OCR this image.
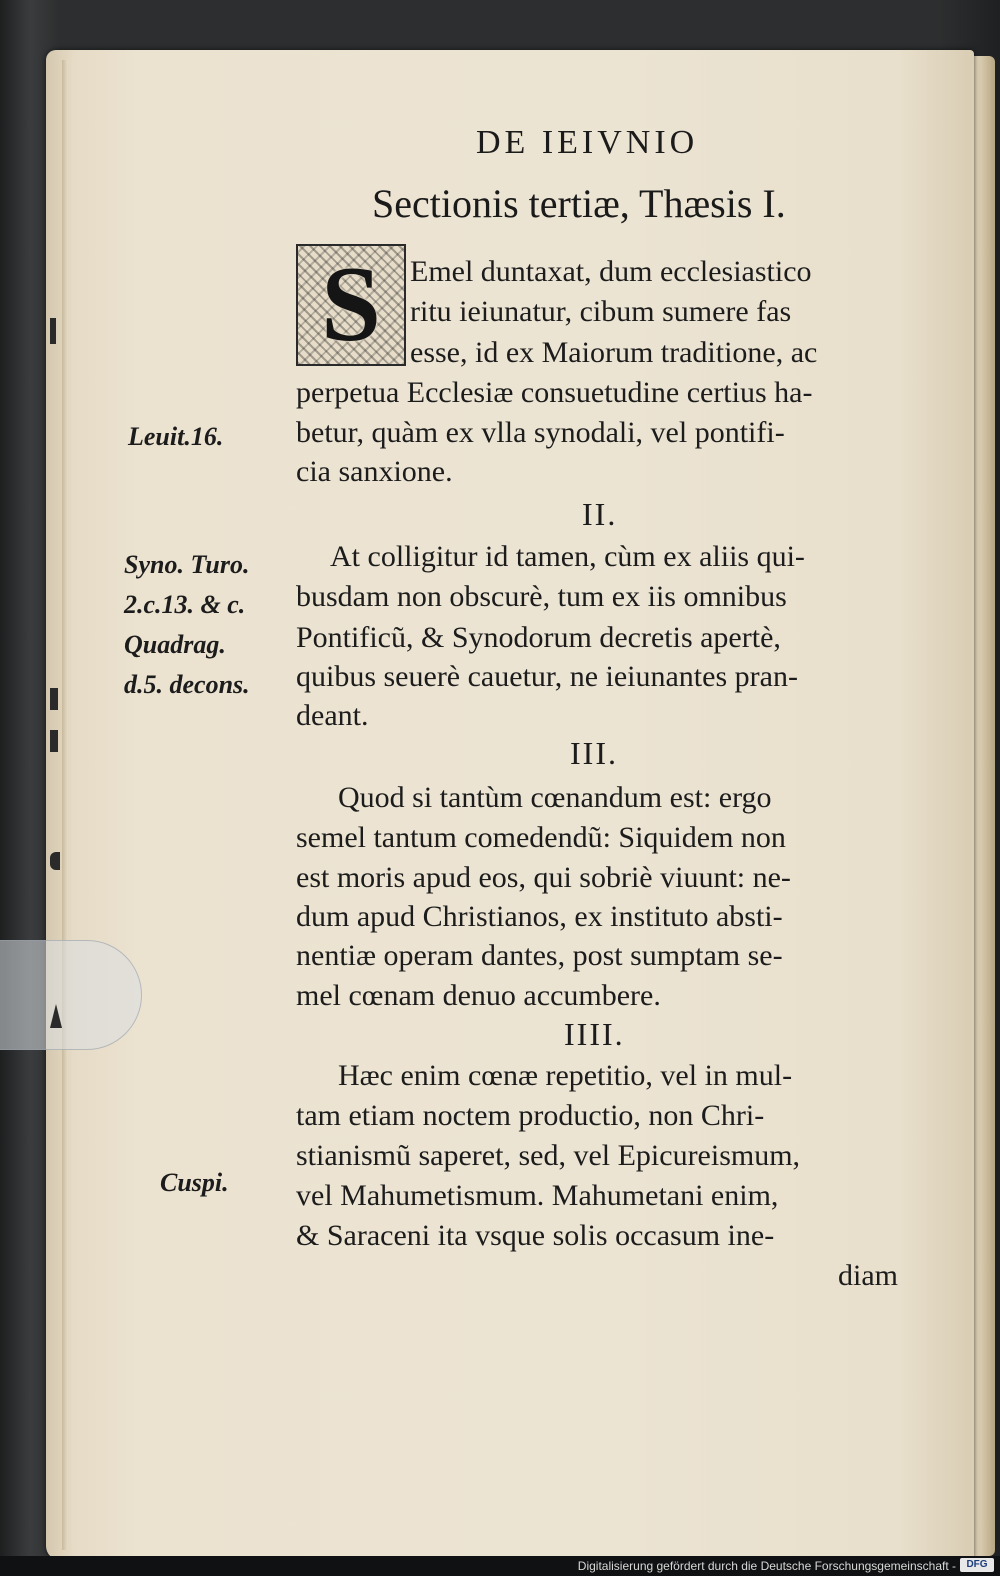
DE IEIVNIO
Sectionis tertiæ, Thæsis I.
S Emel duntaxat, dum ecclesiastico
ritu ieiunatur, cibum sumere fas
esse, id ex Maiorum traditione, ac
perpetua Ecclesiæ consuetudine certius ha-
betur, quàm ex vlla synodali, vel pontifi-
cia sanxione.
II.
At colligitur id tamen, cùm ex aliis qui-
busdam non obscurè, tum ex iis omnibus
Pontificũ, & Synodorum decretis apertè,
quibus seuerè cauetur, ne ieiunantes pran-
deant.
III.
Quod si tantùm cœnandum est: ergo
semel tantum comedendũ: Siquidem non
est moris apud eos, qui sobriè viuunt: ne-
dum apud Christianos, ex instituto absti-
nentiæ operam dantes, post sumptam se-
mel cœnam denuo accumbere.
IIII.
Hæc enim cœnæ repetitio, vel in mul-
tam etiam noctem productio, non Chri-
stianismũ saperet, sed, vel Epicureismum,
vel Mahumetismum. Mahumetani enim,
& Saraceni ita vsque solis occasum ine-
diam
Leuit.16.
Syno. Turo.
2.c.13. & c.
Quadrag.
d.5. decons.
Cuspi.
Digitalisierung gefördert durch die Deutsche Forschungsgemeinschaft -	DFG
